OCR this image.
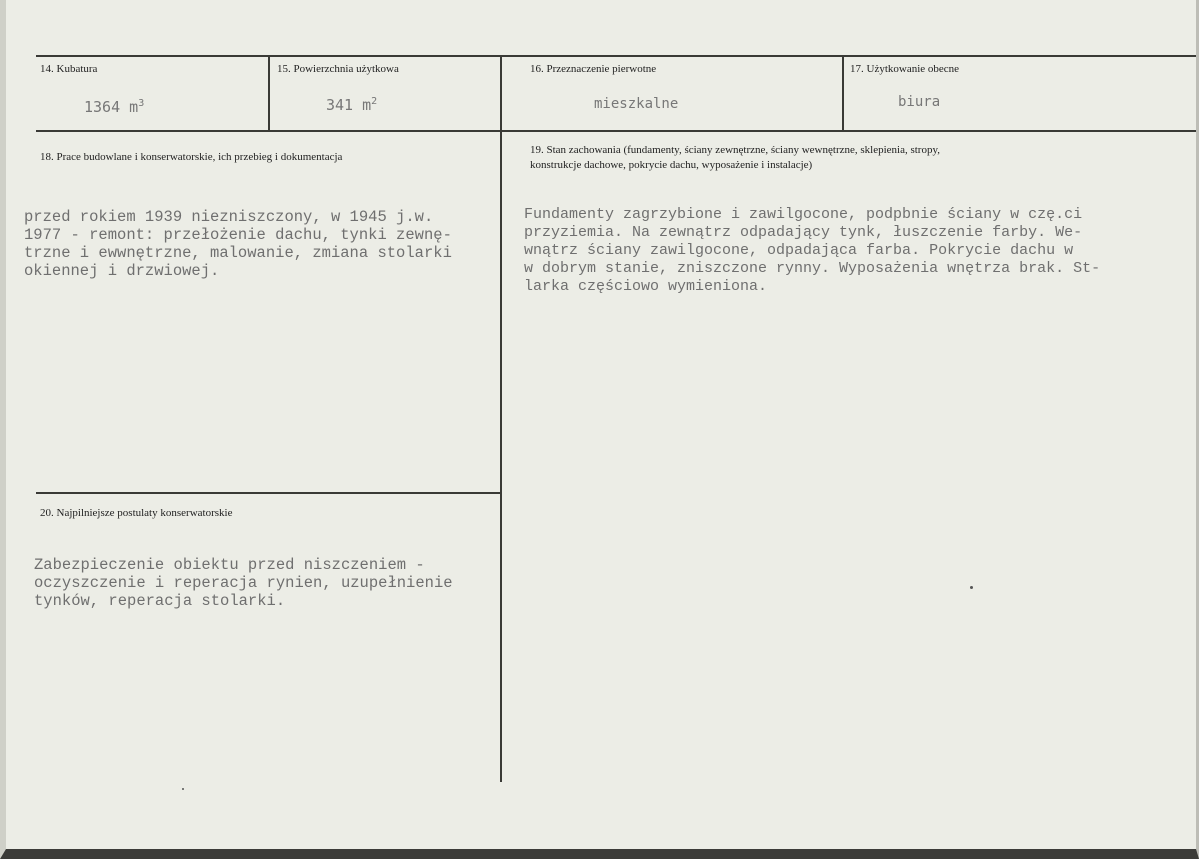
14. Kubatura
1364 $m^3$
15. Powierzchnia użytkowa
341 $m^2$
16. Przeznaczenie pierwotne
mieszkalne
17. Użytkowanie obecne
biura
18. Prace budowlane i konserwatorskie, ich przebieg i dokumentacja
przed rokiem 1939 niezniszczony, w 1945 j.w.
1977 - remont: przełożenie dachu, tynki zewnę-
trzne i ewwnętrzne, malowanie, zmiana stolarki
okiennej i drzwiowej.
19. Stan zachowania (fundamenty, ściany zewnętrzne, ściany wewnętrzne, sklepienia, stropy,
konstrukcje dachowe, pokrycie dachu, wyposażenie i instalacje)
Fundamenty zagrzybione i zawilgocone, podpbnie ściany w czę.ci
przyziemia. Na zewnątrz odpadający tynk, łuszczenie farby. We-
wnątrz ściany zawilgocone, odpadająca farba. Pokrycie dachu w
w dobrym stanie, zniszczone rynny. Wyposażenia wnętrza brak. St-
larka częściowo wymieniona.
20. Najpilniejsze postulaty konserwatorskie
Zabezpieczenie obiektu przed niszczeniem -
oczyszczenie i reperacja rynien, uzupełnienie
tynków, reperacja stolarki.
